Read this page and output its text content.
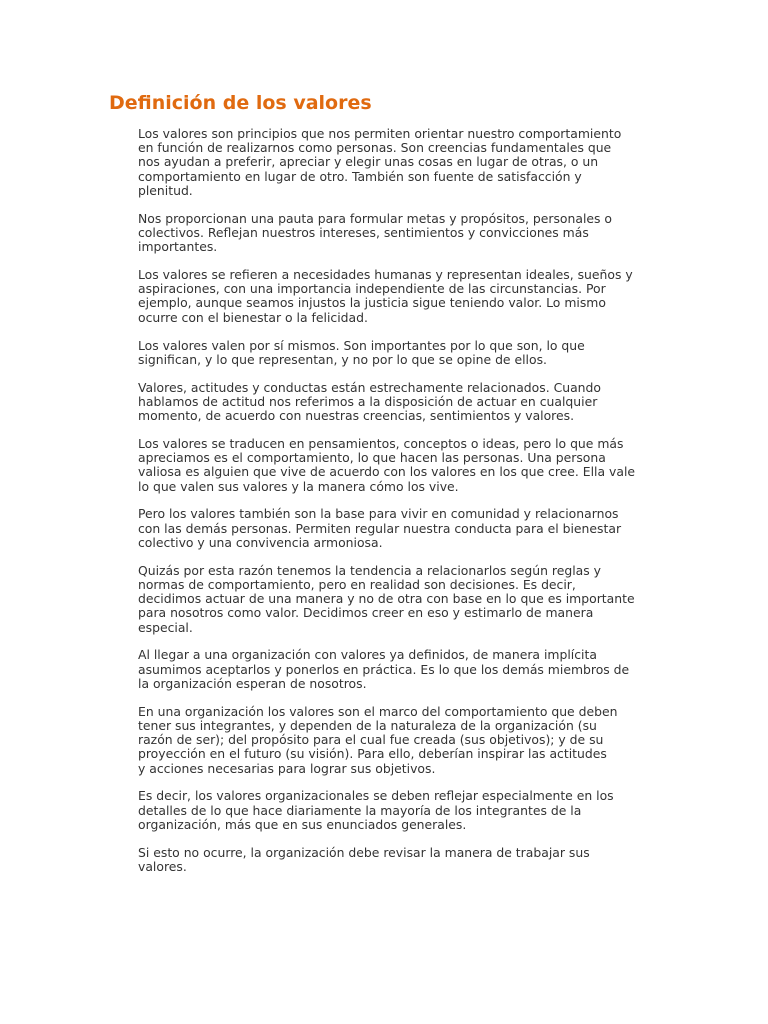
Definición de los valores

Los valores son principios que nos permiten orientar nuestro comportamiento
en función de realizarnos como personas. Son creencias fundamentales que
nos ayudan a preferir, apreciar y elegir unas cosas en lugar de otras, o un
comportamiento en lugar de otro. También son fuente de satisfacción y
plenitud.

Nos proporcionan una pauta para formular metas y propósitos, personales o
colectivos. Reflejan nuestros intereses, sentimientos y convicciones más
importantes.

Los valores se refieren a necesidades humanas y representan ideales, sueños y
aspiraciones, con una importancia independiente de las circunstancias. Por
ejemplo, aunque seamos injustos la justicia sigue teniendo valor. Lo mismo
ocurre con el bienestar o la felicidad.

Los valores valen por sí mismos. Son importantes por lo que son, lo que
significan, y lo que representan, y no por lo que se opine de ellos.

Valores, actitudes y conductas están estrechamente relacionados. Cuando
hablamos de actitud nos referimos a la disposición de actuar en cualquier
momento, de acuerdo con nuestras creencias, sentimientos y valores.

Los valores se traducen en pensamientos, conceptos o ideas, pero lo que más
apreciamos es el comportamiento, lo que hacen las personas. Una persona
valiosa es alguien que vive de acuerdo con los valores en los que cree. Ella vale
lo que valen sus valores y la manera cómo los vive.

Pero los valores también son la base para vivir en comunidad y relacionarnos
con las demás personas. Permiten regular nuestra conducta para el bienestar
colectivo y una convivencia armoniosa.

Quizás por esta razón tenemos la tendencia a relacionarlos según reglas y
normas de comportamiento, pero en realidad son decisiones. Es decir,
decidimos actuar de una manera y no de otra con base en lo que es importante
para nosotros como valor. Decidimos creer en eso y estimarlo de manera
especial.

Al llegar a una organización con valores ya definidos, de manera implícita
asumimos aceptarlos y ponerlos en práctica. Es lo que los demás miembros de
la organización esperan de nosotros.

En una organización los valores son el marco del comportamiento que deben
tener sus integrantes, y dependen de la naturaleza de la organización (su
razón de ser); del propósito para el cual fue creada (sus objetivos); y de su
proyección en el futuro (su visión). Para ello, deberían inspirar las actitudes
y acciones necesarias para lograr sus objetivos.

Es decir, los valores organizacionales se deben reflejar especialmente en los
detalles de lo que hace diariamente la mayoría de los integrantes de la
organización, más que en sus enunciados generales.

Si esto no ocurre, la organización debe revisar la manera de trabajar sus
valores.
